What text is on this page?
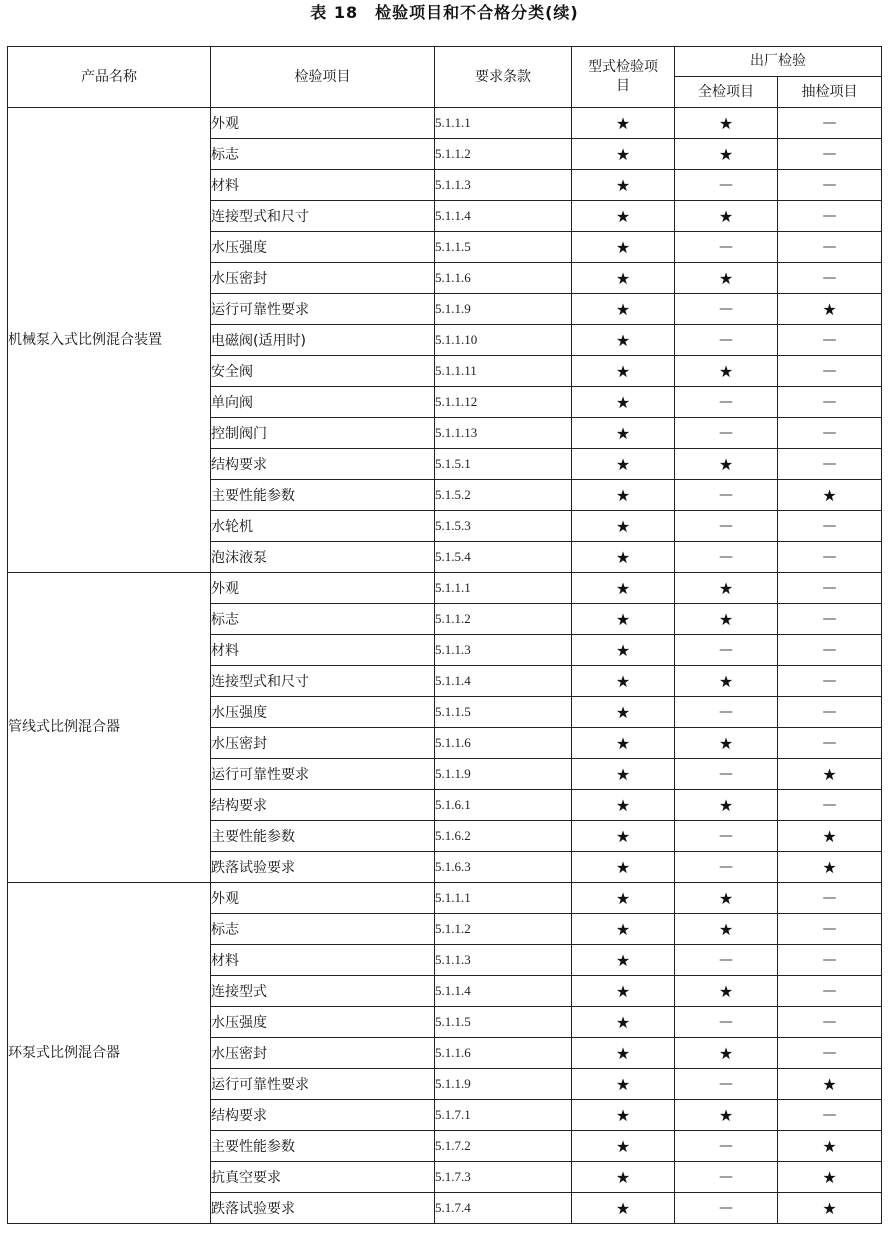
表 18　检验项目和不合格分类(续)
产品名称	检验项目	要求条款	型式检验项目	出厂检验	
				全检项目	抽检项目
机械泵入式比例混合装置	外观	5.1.1.1	★	★	—
	标志	5.1.1.2	★	★	—
	材料	5.1.1.3	★	—	—
	连接型式和尺寸	5.1.1.4	★	★	—
	水压强度	5.1.1.5	★	—	—
	水压密封	5.1.1.6	★	★	—
	运行可靠性要求	5.1.1.9	★	—	★
	电磁阀(适用时)	5.1.1.10	★	—	—
	安全阀	5.1.1.11	★	★	—
	单向阀	5.1.1.12	★	—	—
	控制阀门	5.1.1.13	★	—	—
	结构要求	5.1.5.1	★	★	—
	主要性能参数	5.1.5.2	★	—	★
	水轮机	5.1.5.3	★	—	—
	泡沫液泵	5.1.5.4	★	—	—
管线式比例混合器	外观	5.1.1.1	★	★	—
	标志	5.1.1.2	★	★	—
	材料	5.1.1.3	★	—	—
	连接型式和尺寸	5.1.1.4	★	★	—
	水压强度	5.1.1.5	★	—	—
	水压密封	5.1.1.6	★	★	—
	运行可靠性要求	5.1.1.9	★	—	★
	结构要求	5.1.6.1	★	★	—
	主要性能参数	5.1.6.2	★	—	★
	跌落试验要求	5.1.6.3	★	—	★
环泵式比例混合器	外观	5.1.1.1	★	★	—
	标志	5.1.1.2	★	★	—
	材料	5.1.1.3	★	—	—
	连接型式	5.1.1.4	★	★	—
	水压强度	5.1.1.5	★	—	—
	水压密封	5.1.1.6	★	★	—
	运行可靠性要求	5.1.1.9	★	—	★
	结构要求	5.1.7.1	★	★	—
	主要性能参数	5.1.7.2	★	—	★
	抗真空要求	5.1.7.3	★	—	★
	跌落试验要求	5.1.7.4	★	—	★
